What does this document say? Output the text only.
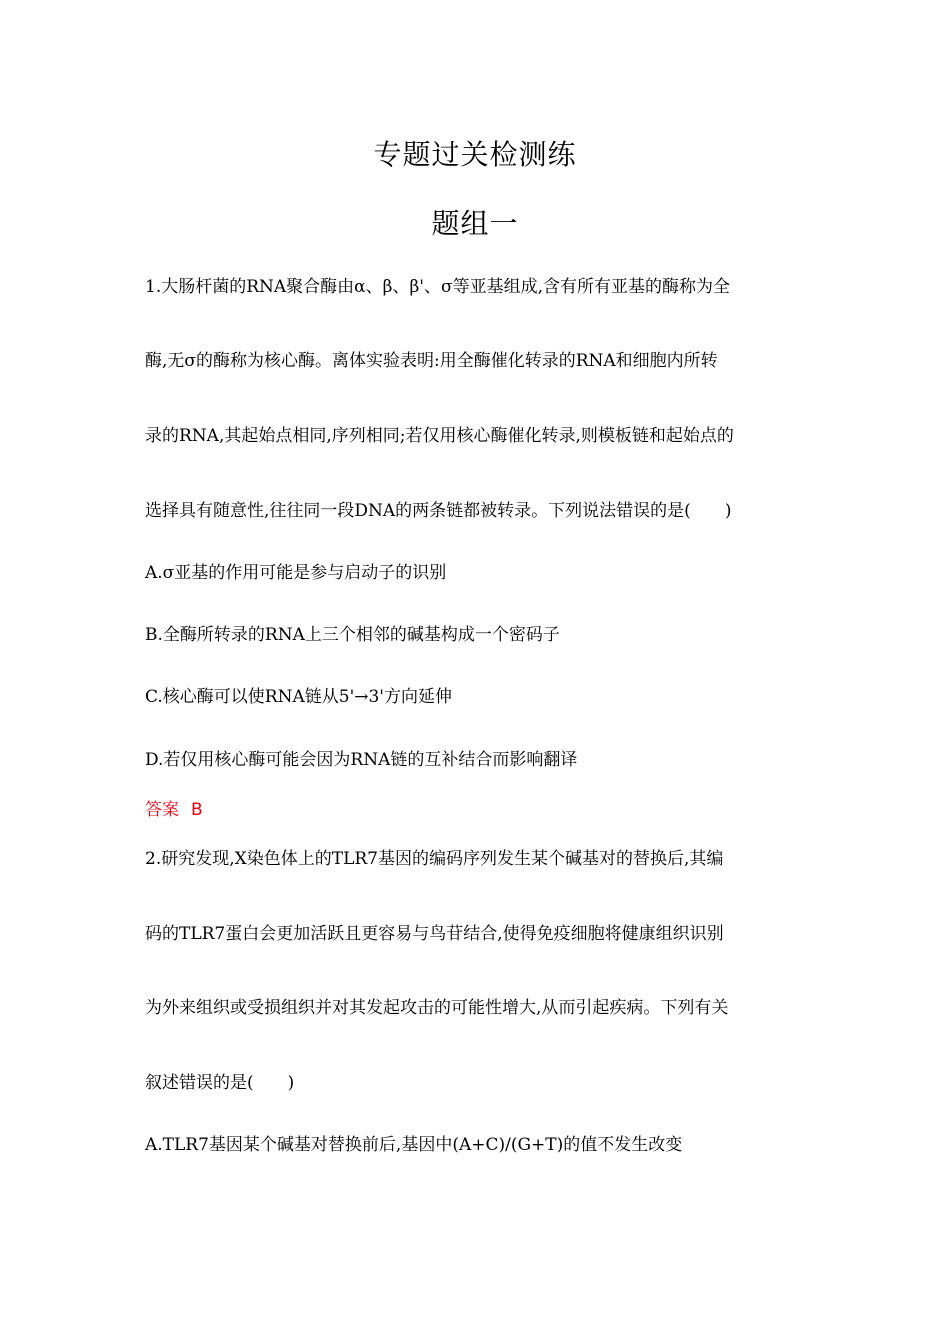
专题过关检测练
题组一
1.大肠杆菌的RNA聚合酶由α、β、β'、σ等亚基组成,含有所有亚基的酶称为全
酶,无σ的酶称为核心酶。离体实验表明:用全酶催化转录的RNA和细胞内所转
录的RNA,其起始点相同,序列相同;若仅用核心酶催化转录,则模板链和起始点的
选择具有随意性,往往同一段DNA的两条链都被转录。下列说法错误的是( )
A.σ亚基的作用可能是参与启动子的识别
B.全酶所转录的RNA上三个相邻的碱基构成一个密码子
C.核心酶可以使RNA链从5'→3'方向延伸
D.若仅用核心酶可能会因为RNA链的互补结合而影响翻译
答案 B
2.研究发现,X染色体上的TLR7基因的编码序列发生某个碱基对的替换后,其编
码的TLR7蛋白会更加活跃且更容易与鸟苷结合,使得免疫细胞将健康组织识别
为外来组织或受损组织并对其发起攻击的可能性增大,从而引起疾病。下列有关
叙述错误的是( )
A.TLR7基因某个碱基对替换前后,基因中(A+C)/(G+T)的值不发生改变
